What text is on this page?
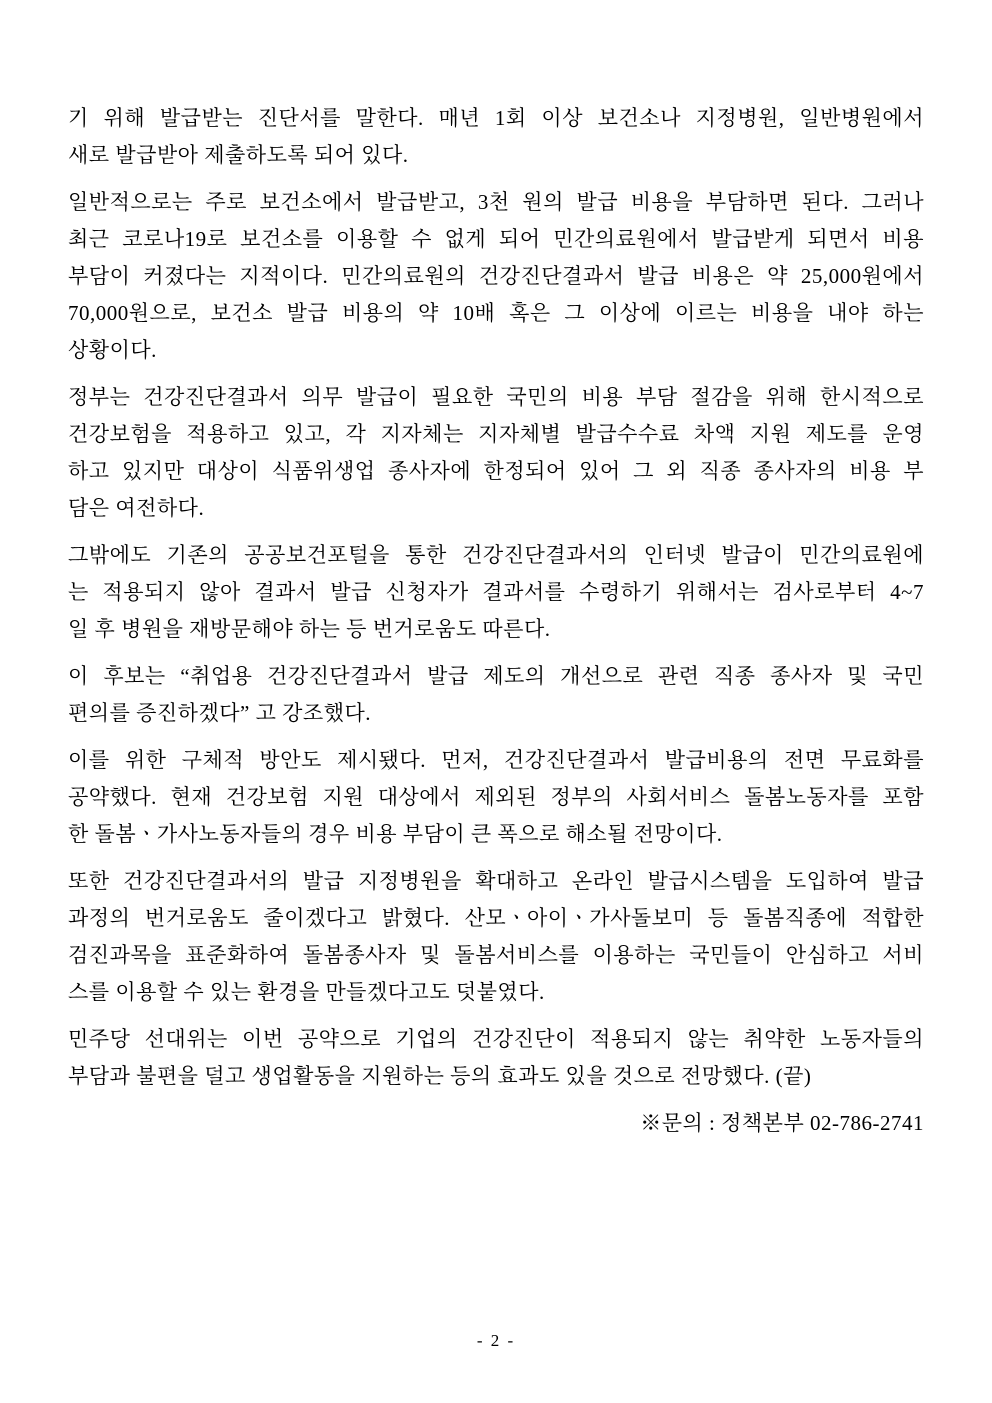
기 위해 발급받는 진단서를 말한다. 매년 1회 이상 보건소나 지정병원, 일반병원에서
새로 발급받아 제출하도록 되어 있다.

일반적으로는 주로 보건소에서 발급받고, 3천 원의 발급 비용을 부담하면 된다. 그러나
최근 코로나19로 보건소를 이용할 수 없게 되어 민간의료원에서 발급받게 되면서 비용
부담이 커졌다는 지적이다. 민간의료원의 건강진단결과서 발급 비용은 약 25,000원에서
70,000원으로, 보건소 발급 비용의 약 10배 혹은 그 이상에 이르는 비용을 내야 하는
상황이다.

정부는 건강진단결과서 의무 발급이 필요한 국민의 비용 부담 절감을 위해 한시적으로
건강보험을 적용하고 있고, 각 지자체는 지자체별 발급수수료 차액 지원 제도를 운영
하고 있지만 대상이 식품위생업 종사자에 한정되어 있어 그 외 직종 종사자의 비용 부
담은 여전하다.

그밖에도 기존의 공공보건포털을 통한 건강진단결과서의 인터넷 발급이 민간의료원에
는 적용되지 않아 결과서 발급 신청자가 결과서를 수령하기 위해서는 검사로부터 4~7
일 후 병원을 재방문해야 하는 등 번거로움도 따른다.

이 후보는 “취업용 건강진단결과서 발급 제도의 개선으로 관련 직종 종사자 및 국민
편의를 증진하겠다” 고 강조했다.

이를 위한 구체적 방안도 제시됐다. 먼저, 건강진단결과서 발급비용의 전면 무료화를
공약했다. 현재 건강보험 지원 대상에서 제외된 정부의 사회서비스 돌봄노동자를 포함
한 돌봄ㆍ가사노동자들의 경우 비용 부담이 큰 폭으로 해소될 전망이다.

또한 건강진단결과서의 발급 지정병원을 확대하고 온라인 발급시스템을 도입하여 발급
과정의 번거로움도 줄이겠다고 밝혔다. 산모ㆍ아이ㆍ가사돌보미 등 돌봄직종에 적합한
검진과목을 표준화하여 돌봄종사자 및 돌봄서비스를 이용하는 국민들이 안심하고 서비
스를 이용할 수 있는 환경을 만들겠다고도 덧붙였다.

민주당 선대위는 이번 공약으로 기업의 건강진단이 적용되지 않는 취약한 노동자들의
부담과 불편을 덜고 생업활동을 지원하는 등의 효과도 있을 것으로 전망했다. (끝)

※문의 : 정책본부 02-786-2741
- 2 -
